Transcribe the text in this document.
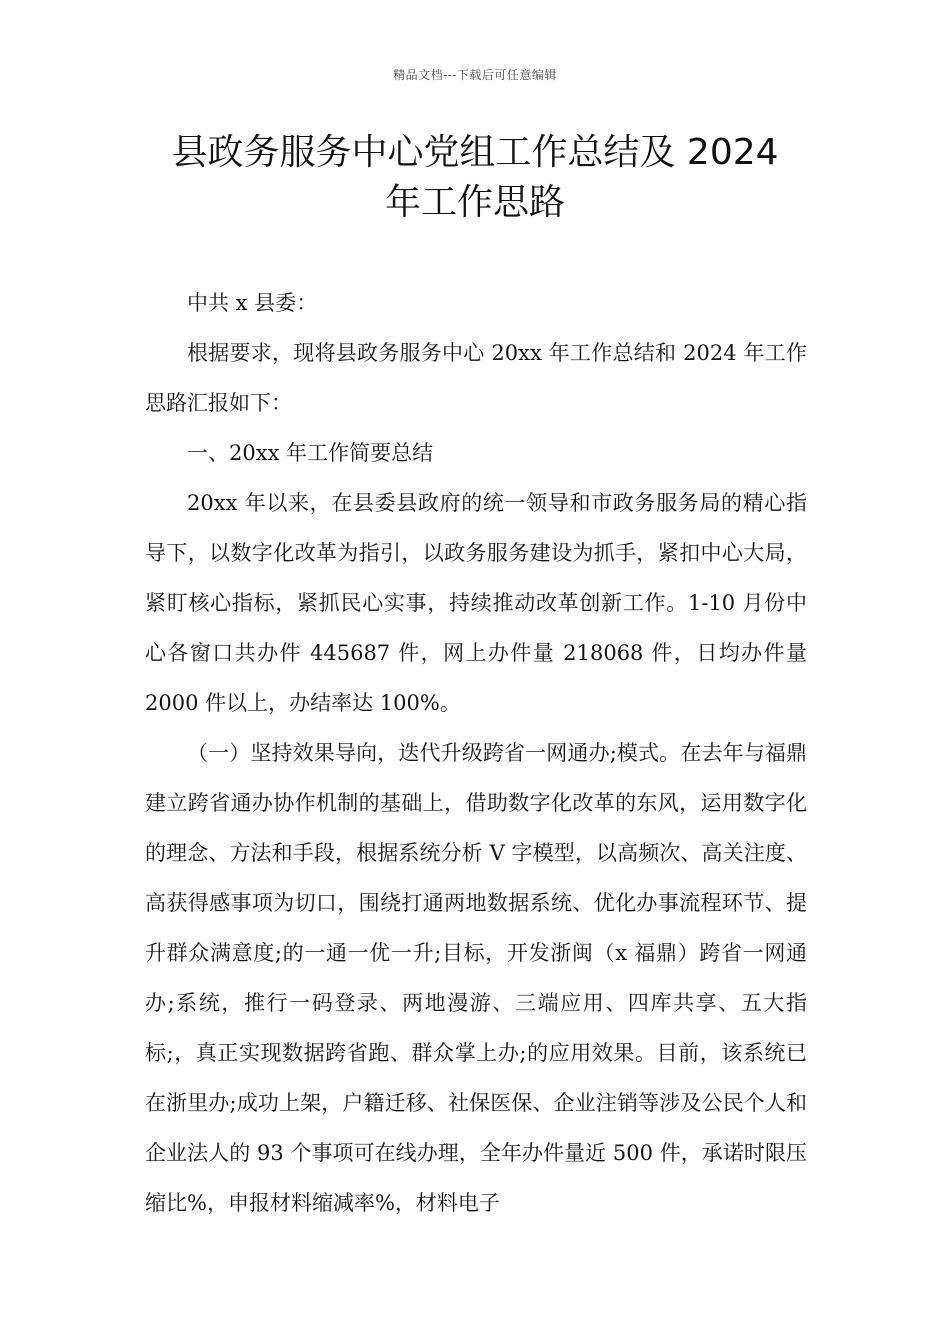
精品文档---下载后可任意编辑
县政务服务中心党组工作总结及 2024
年工作思路

中共 x 县委：

根据要求，现将县政务服务中心 20xx 年工作总结和 2024 年工作思路汇报如下：

一、20xx 年工作简要总结

20xx 年以来，在县委县政府的统一领导和市政务服务局的精心指导下，以数字化改革为指引，以政务服务建设为抓手，紧扣中心大局，紧盯核心指标，紧抓民心实事，持续推动改革创新工作。1-10 月份中心各窗口共办件 445687 件，网上办件量 218068 件，日均办件量 2000 件以上，办结率达 100%。

（一）坚持效果导向，迭代升级跨省一网通办;模式。在去年与福鼎建立跨省通办协作机制的基础上，借助数字化改革的东风，运用数字化的理念、方法和手段，根据系统分析 V 字模型，以高频次、高关注度、高获得感事项为切口，围绕打通两地数据系统、优化办事流程环节、提升群众满意度;的一通一优一升;目标，开发浙闽（x 福鼎）跨省一网通办;系统，推行一码登录、两地漫游、三端应用、四库共享、五大指标;，真正实现数据跨省跑、群众掌上办;的应用效果。目前，该系统已在浙里办;成功上架，户籍迁移、社保医保、企业注销等涉及公民个人和企业法人的 93 个事项可在线办理，全年办件量近 500 件，承诺时限压缩比%，申报材料缩减率%，材料电子
